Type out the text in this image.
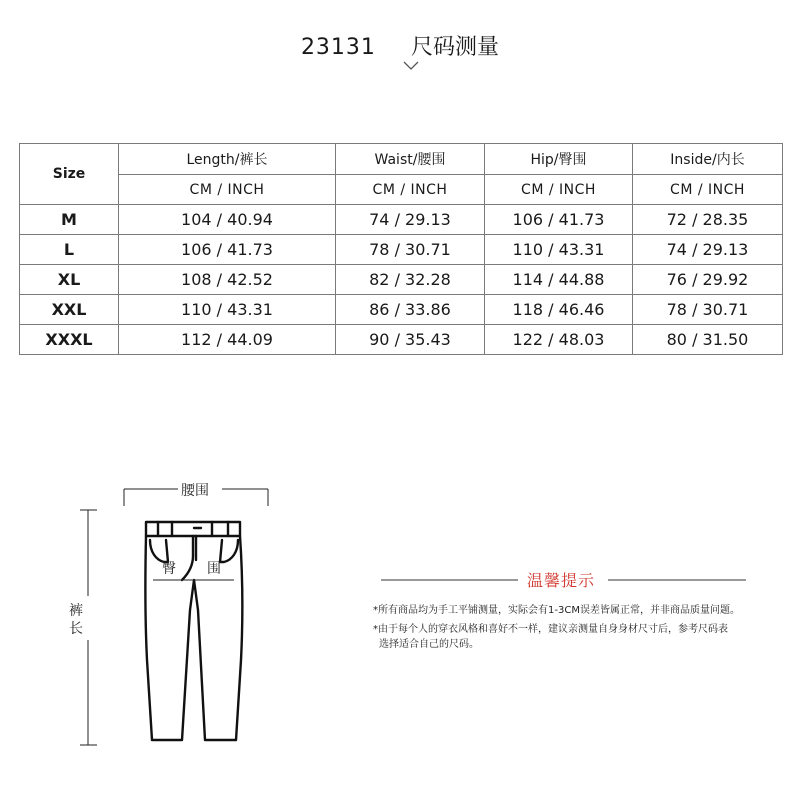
23131 尺码测量
Size	Length/裤长	Waist/腰围	Hip/臀围	Inside/内长
	CM / INCH	CM / INCH	CM / INCH	CM / INCH
M	104 / 40.94	74 / 29.13	106 / 41.73	72 / 28.35
L	106 / 41.73	78 / 30.71	110 / 43.31	74 / 29.13
XL	108 / 42.52	82 / 32.28	114 / 44.88	76 / 29.92
XXL	110 / 43.31	86 / 33.86	118 / 46.46	78 / 30.71
XXXL	112 / 44.09	90 / 35.43	122 / 48.03	80 / 31.50
腰围
臀 围
裤
长
温馨提示
*所有商品均为手工平铺测量，实际会有1-3CM误差皆属正常，并非商品质量问题。
*由于每个人的穿衣风格和喜好不一样，建议亲测量自身身材尺寸后，参考尺码表
选择适合自己的尺码。
